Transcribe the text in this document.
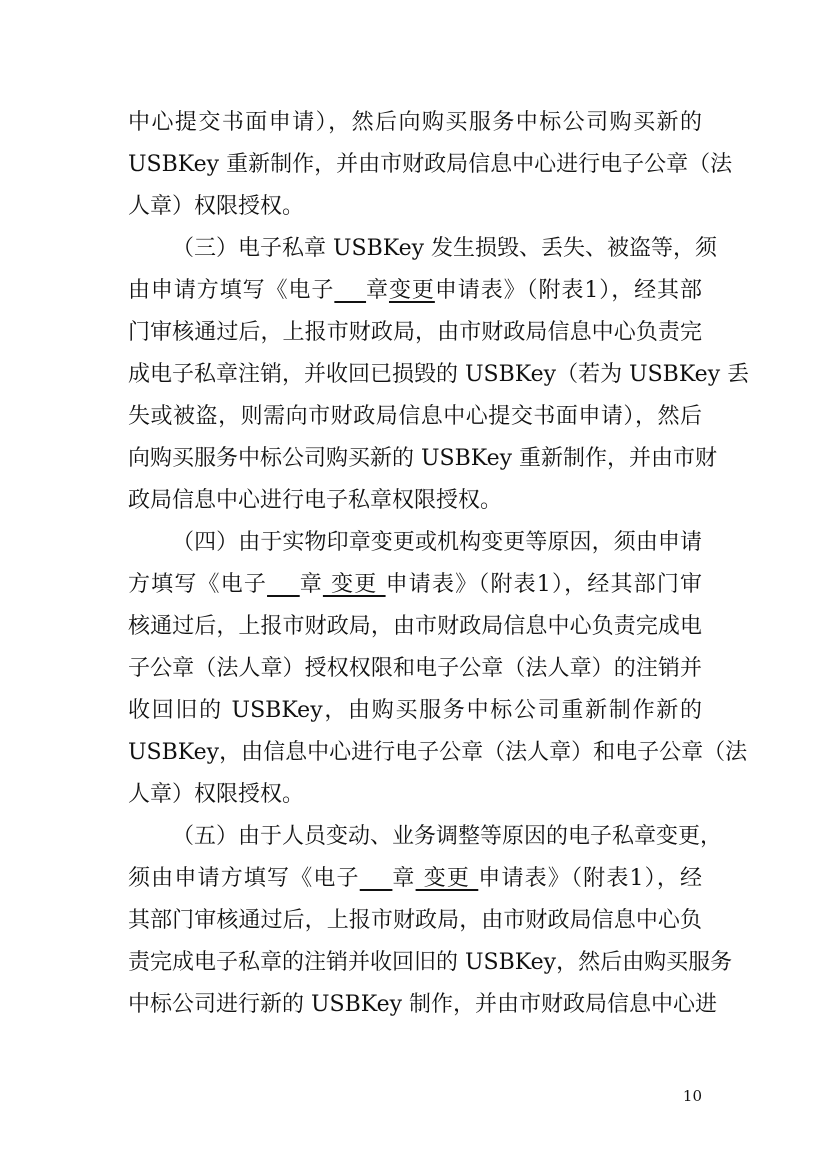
中心提交书面申请），然后向购买服务中标公司购买新的
USBKey 重新制作，并由市财政局信息中心进行电子公章（法
人章）权限授权。
（三）电子私章 USBKey 发生损毁、丢失、被盗等，须
由申请方填写《电子 章变更申请表》（附表1），经其部
门审核通过后，上报市财政局，由市财政局信息中心负责完
成电子私章注销，并收回已损毁的 USBKey（若为 USBKey 丢
失或被盗，则需向市财政局信息中心提交书面申请），然后
向购买服务中标公司购买新的 USBKey 重新制作，并由市财
政局信息中心进行电子私章权限授权。
（四）由于实物印章变更或机构变更等原因，须由申请
方填写《电子 章 变更 申请表》（附表1），经其部门审
核通过后，上报市财政局，由市财政局信息中心负责完成电
子公章（法人章）授权权限和电子公章（法人章）的注销并
收回旧的 USBKey，由购买服务中标公司重新制作新的
USBKey，由信息中心进行电子公章（法人章）和电子公章（法
人章）权限授权。
（五）由于人员变动、业务调整等原因的电子私章变更，
须由申请方填写《电子 章 变更 申请表》（附表1），经
其部门审核通过后，上报市财政局，由市财政局信息中心负
责完成电子私章的注销并收回旧的 USBKey，然后由购买服务
中标公司进行新的 USBKey 制作，并由市财政局信息中心进
10
